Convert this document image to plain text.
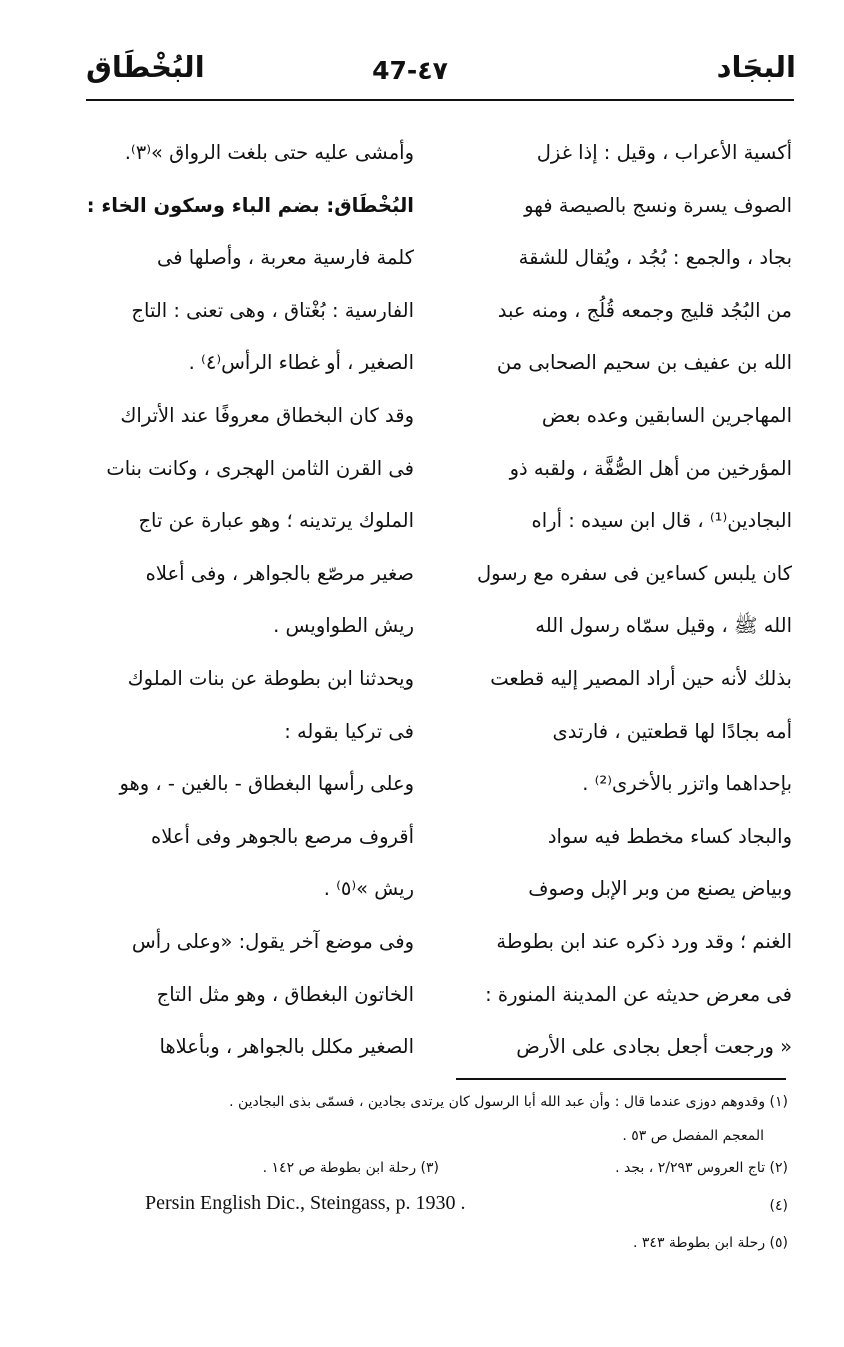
البجَاد
47-٤٧
البُخْطَاق
أكسية الأعراب ، وقيل : إذا غزل
الصوف يسرة ونسج بالصيصة فهو
بجاد ، والجمع : بُجُد ، ويُقال للشقة
من البُجُد قليج وجمعه قُلُج ، ومنه عبد
الله بن عفيف بن سحيم الصحابى من
المهاجرين السابقين وعده بعض
المؤرخين من أهل الصُّفَّة ، ولقبه ذو
البجادين⁽¹⁾ ، قال ابن سيده : أراه
كان يلبس كساءين فى سفره مع رسول
الله ﷺ ، وقيل سمّاه رسول الله
بذلك لأنه حين أراد المصير إليه قطعت
أمه بجادًا لها قطعتين ، فارتدى
بإحداهما واتزر بالأخرى⁽²⁾ .
والبجاد كساء مخطط فيه سواد
وبياض يصنع من وبر الإبل وصوف
الغنم ؛ وقد ورد ذكره عند ابن بطوطة
فى معرض حديثه عن المدينة المنورة :
« ورجعت أجعل بجادى على الأرض
وأمشى عليه حتى بلغت الرواق »⁽٣⁾.
البُخْطَاق: بضم الباء وسكون الخاء :
كلمة فارسية معربة ، وأصلها فى
الفارسية : بُغْتاق ، وهى تعنى : التاج
الصغير ، أو غطاء الرأس⁽٤⁾ .
وقد كان البخطاق معروفًا عند الأتراك
فى القرن الثامن الهجرى ، وكانت بنات
الملوك يرتدينه ؛ وهو عبارة عن تاج
صغير مرصّع بالجواهر ، وفى أعلاه
ريش الطواويس .
ويحدثنا ابن بطوطة عن بنات الملوك
فى تركيا بقوله :
وعلى رأسها البغطاق - بالغين - ، وهو
أقروف مرصع بالجوهر وفى أعلاه
ريش »⁽٥⁾ .
وفى موضع آخر يقول: «وعلى رأس
الخاتون البغطاق ، وهو مثل التاج
الصغير مكلل بالجواهر ، وبأعلاها
(١) وقدوهم دوزى عندما قال : وأن عبد الله أبا الرسول كان يرتدى بجادين ، فسمّى بذى البجادين .
المعجم المفصل ص ٥٣ .
(٢) تاج العروس ٢/٢٩٣ ، بجد .
(٣) رحلة ابن بطوطة ص ١٤٢ .
(٤)
Persin English Dic., Steingass, p. 1930 .
(٥) رحلة ابن بطوطة ٣٤٣ .
